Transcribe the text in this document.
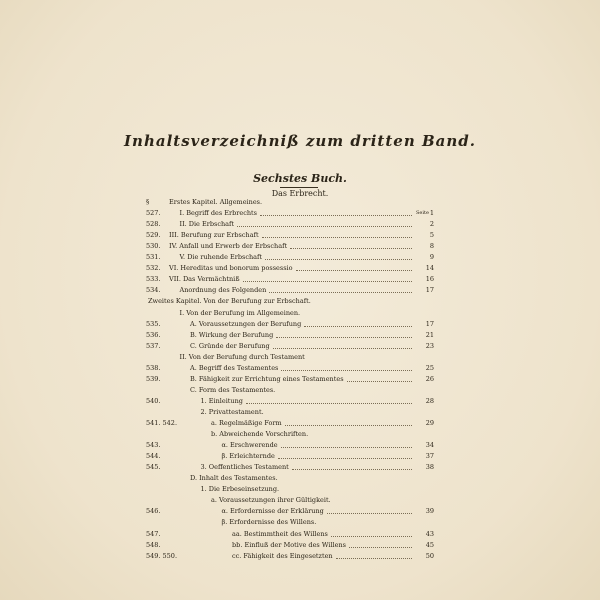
Inhaltsverzeichniß zum dritten Band.
Sechstes Buch.
Das Erbrecht.
Seite
§	Erstes Kapitel. Allgemeines.
527.	I. Begriff des Erbrechts	1
528.	II. Die Erbschaft	2
529.	III. Berufung zur Erbschaft	5
530.	IV. Anfall und Erwerb der Erbschaft	8
531.	V. Die ruhende Erbschaft	9
532.	VI. Hereditas und bonorum possessio	14
533.	VII. Das Vermächtniß	16
534.	Anordnung des Folgenden	17
Zweites Kapitel. Von der Berufung zur Erbschaft.
I. Von der Berufung im Allgemeinen.
535.	A. Voraussetzungen der Berufung	17
536.	B. Wirkung der Berufung	21
537.	C. Gründe der Berufung	23
II. Von der Berufung durch Testament
538.	A. Begriff des Testamentes	25
539.	B. Fähigkeit zur Errichtung eines Testamentes	26
C. Form des Testamentes.
540.	1. Einleitung	28
2. Privattestament.
541. 542.	a. Regelmäßige Form	29
b. Abweichende Vorschriften.
543.	α. Erschwerende	34
544.	β. Erleichternde	37
545.	3. Oeffentliches Testament	38
D. Inhalt des Testamentes.
1. Die Erbeseinsetzung.
a. Voraussetzungen ihrer Gültigkeit.
546.	α. Erfordernisse der Erklärung	39
β. Erfordernisse des Willens.
547.	aa. Bestimmtheit des Willens	43
548.	bb. Einfluß der Motive des Willens	45
549. 550.	cc. Fähigkeit des Eingesetzten	50
